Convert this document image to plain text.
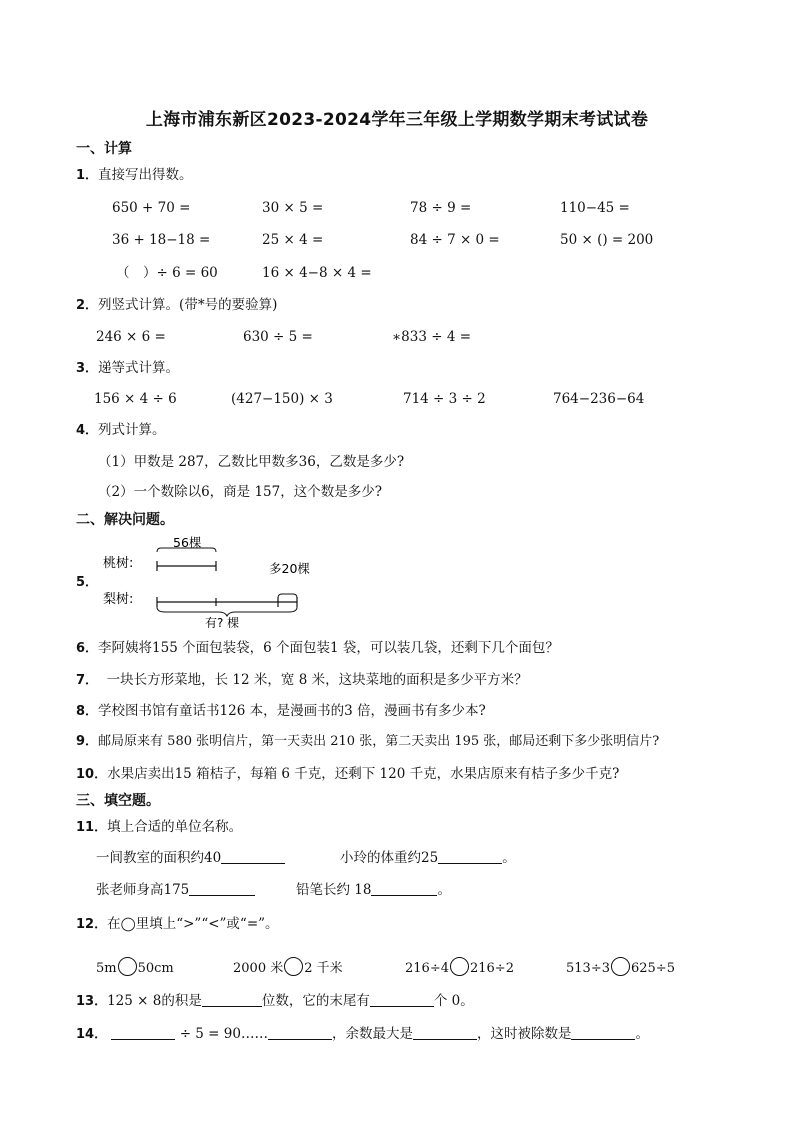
上海市浦东新区2023-2024学年三年级上学期数学期末考试试卷
一、计算
1．直接写出得数。
650 + 70 =	30 × 5 =	78 ÷ 9 =	110−45 =
36 + 18−18 =	25 × 4 =	84 ÷ 7 × 0 =	50 × () = 200
（　）÷ 6 = 60	16 × 4−8 × 4 =
2．列竖式计算。(带*号的要验算)
246 × 6 =	630 ÷ 5 =	∗833 ÷ 4 =
3．递等式计算。
156 × 4 ÷ 6	(427−150) × 3	714 ÷ 3 ÷ 2	764−236−64
4．列式计算。
（1）甲数是 287，乙数比甲数多36，乙数是多少?
（2）一个数除以6，商是 157，这个数是多少?
二、解决问题。
5．
桃树:
梨树:
56棵
多20棵
有? 棵
6．李阿姨将155 个面包装袋，6 个面包装1 袋，可以装几袋，还剩下几个面包？
7． 一块长方形菜地，长 12 米，宽 8 米，这块菜地的面积是多少平方米？
8．学校图书馆有童话书126 本，是漫画书的3 倍，漫画书有多少本?
9．邮局原来有 580 张明信片，第一天卖出 210 张，第二天卖出 195 张，邮局还剩下多少张明信片?
10．水果店卖出15 箱桔子，每箱 6 千克，还剩下 120 千克，水果店原来有桔子多少千克?
三、填空题。
11．填上合适的单位名称。
一间教室的面积约40	小玲的体重约25	。
张老师身高175	铅笔长约 18	。
12．在◯里填上“>”“<”或“=”。
5m 50cm	2000 米 2 千米	216÷4 216÷2	513÷3 625÷5
13．125 × 8的积是	位数，它的末尾有	个 0。
14．	÷ 5 = 90……	，余数最大是	，这时被除数是	。
